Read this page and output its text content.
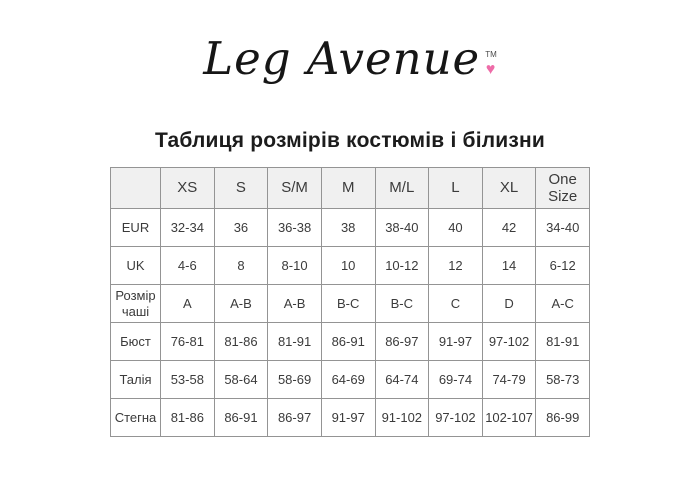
Leg Avenue TM
♥
Таблиця розмірів костюмів і білизни
	XS	S	S/M	M	M/L	L	XL	One Size
EUR	32-34	36	36-38	38	38-40	40	42	34-40
UK	4-6	8	8-10	10	10-12	12	14	6-12
Розмір чаші	A	A-B	A-B	B-C	B-C	C	D	A-C
Бюст	76-81	81-86	81-91	86-91	86-97	91-97	97-102	81-91
Талія	53-58	58-64	58-69	64-69	64-74	69-74	74-79	58-73
Стегна	81-86	86-91	86-97	91-97	91-102	97-102	102-107	86-99
